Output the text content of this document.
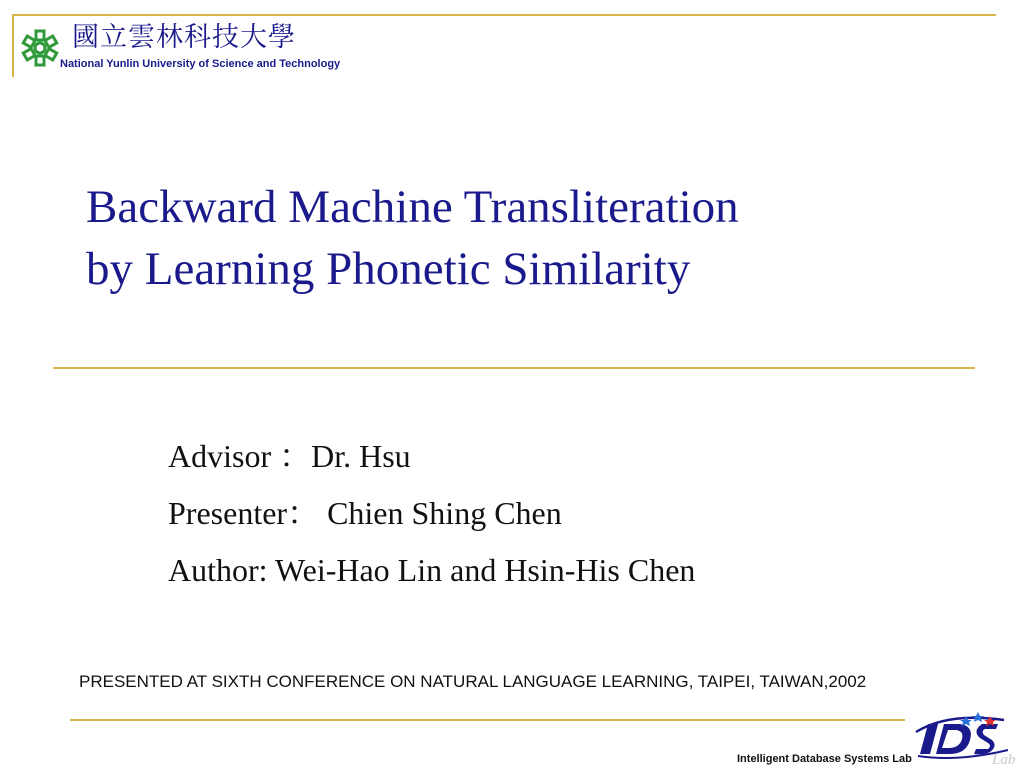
國立雲林科技大學
National Yunlin University of Science and Technology
Backward Machine Transliteration
by Learning Phonetic Similarity
Advisor ：Dr. Hsu
Presenter： Chien Shing Chen
Author: Wei-Hao Lin and Hsin-His Chen
PRESENTED AT SIXTH CONFERENCE ON NATURAL LANGUAGE LEARNING, TAIPEI, TAIWAN,2002
Lab
Intelligent Database Systems Lab
